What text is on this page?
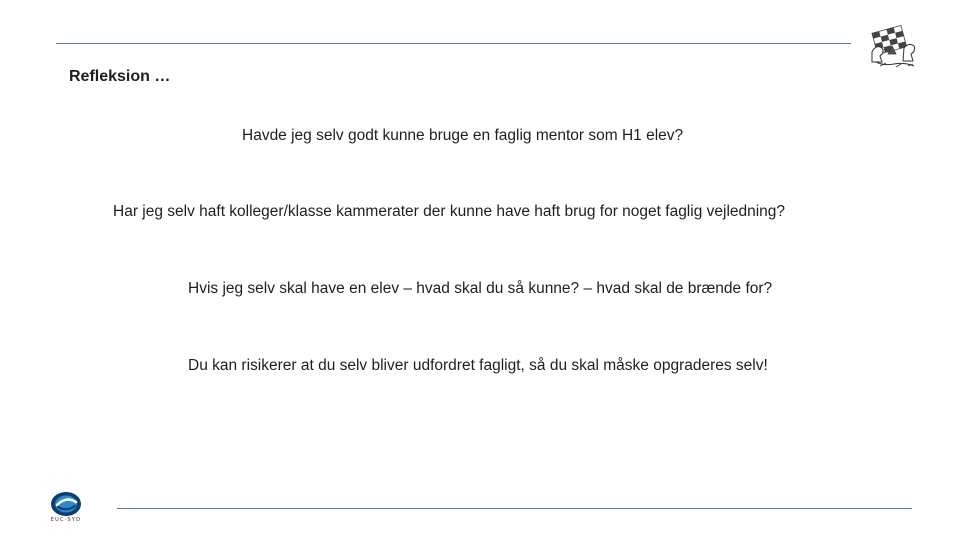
Refleksion …
Havde jeg selv godt kunne bruge en faglig mentor som H1 elev?
Har jeg selv haft kolleger/klasse kammerater der kunne have haft brug for noget faglig vejledning?
Hvis jeg selv skal have en elev – hvad skal du så kunne? – hvad skal de brænde for?
Du kan risikerer at du selv bliver udfordret fagligt, så du skal måske opgraderes selv!
EUC·SYD
